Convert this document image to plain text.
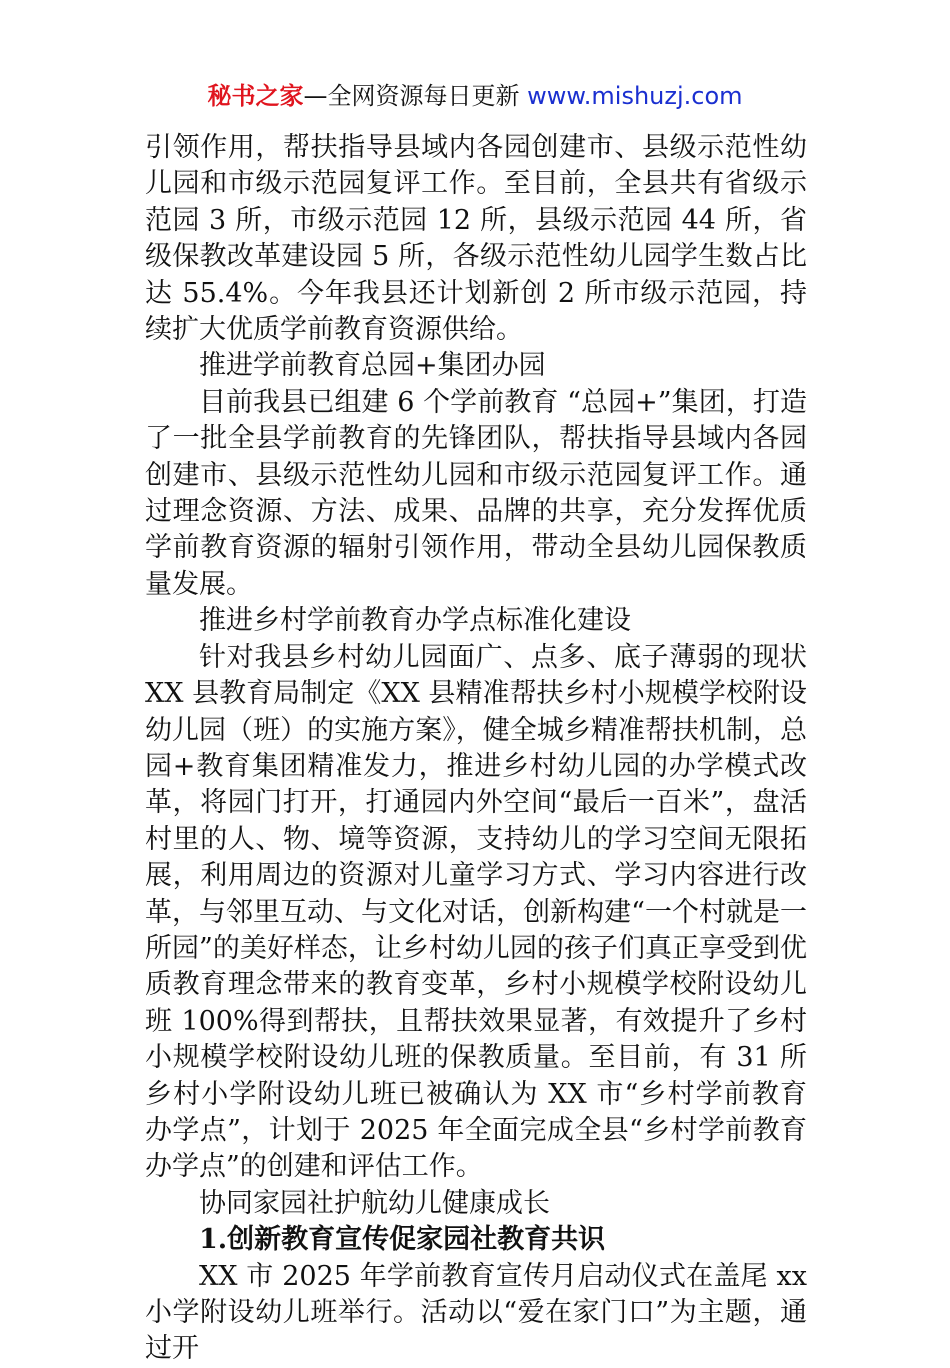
秘书之家—全网资源每日更新 www.mishuzj.com

引领作用，帮扶指导县域内各园创建市、县级示范性幼儿园和市级示范园复评工作。至目前，全县共有省级示范园 3 所，市级示范园 12 所，县级示范园 44 所，省级保教改革建设园 5 所，各级示范性幼儿园学生数占比达 55.4%。今年我县还计划新创 2 所市级示范园，持续扩大优质学前教育资源供给。

推进学前教育总园+集团办园

目前我县已组建 6 个学前教育 “总园+”集团，打造了一批全县学前教育的先锋团队，帮扶指导县域内各园创建市、县级示范性幼儿园和市级示范园复评工作。通过理念资源、方法、成果、品牌的共享，充分发挥优质学前教育资源的辐射引领作用，带动全县幼儿园保教质量发展。

推进乡村学前教育办学点标准化建设

针对我县乡村幼儿园面广、点多、底子薄弱的现状 XX 县教育局制定《XX 县精准帮扶乡村小规模学校附设幼儿园（班）的实施方案》，健全城乡精准帮扶机制，总园+教育集团精准发力，推进乡村幼儿园的办学模式改革，将园门打开，打通园内外空间“最后一百米”，盘活村里的人、物、境等资源，支持幼儿的学习空间无限拓展，利用周边的资源对儿童学习方式、学习内容进行改革，与邻里互动、与文化对话，创新构建“一个村就是一所园”的美好样态，让乡村幼儿园的孩子们真正享受到优质教育理念带来的教育变革，乡村小规模学校附设幼儿班 100%得到帮扶，且帮扶效果显著，有效提升了乡村小规模学校附设幼儿班的保教质量。至目前，有 31 所乡村小学附设幼儿班已被确认为 XX 市“乡村学前教育办学点”，计划于 2025 年全面完成全县“乡村学前教育办学点”的创建和评估工作。

协同家园社护航幼儿健康成长

1.创新教育宣传促家园社教育共识

XX 市 2025 年学前教育宣传月启动仪式在盖尾 xx 小学附设幼儿班举行。活动以“爱在家门口”为主题，通过开
